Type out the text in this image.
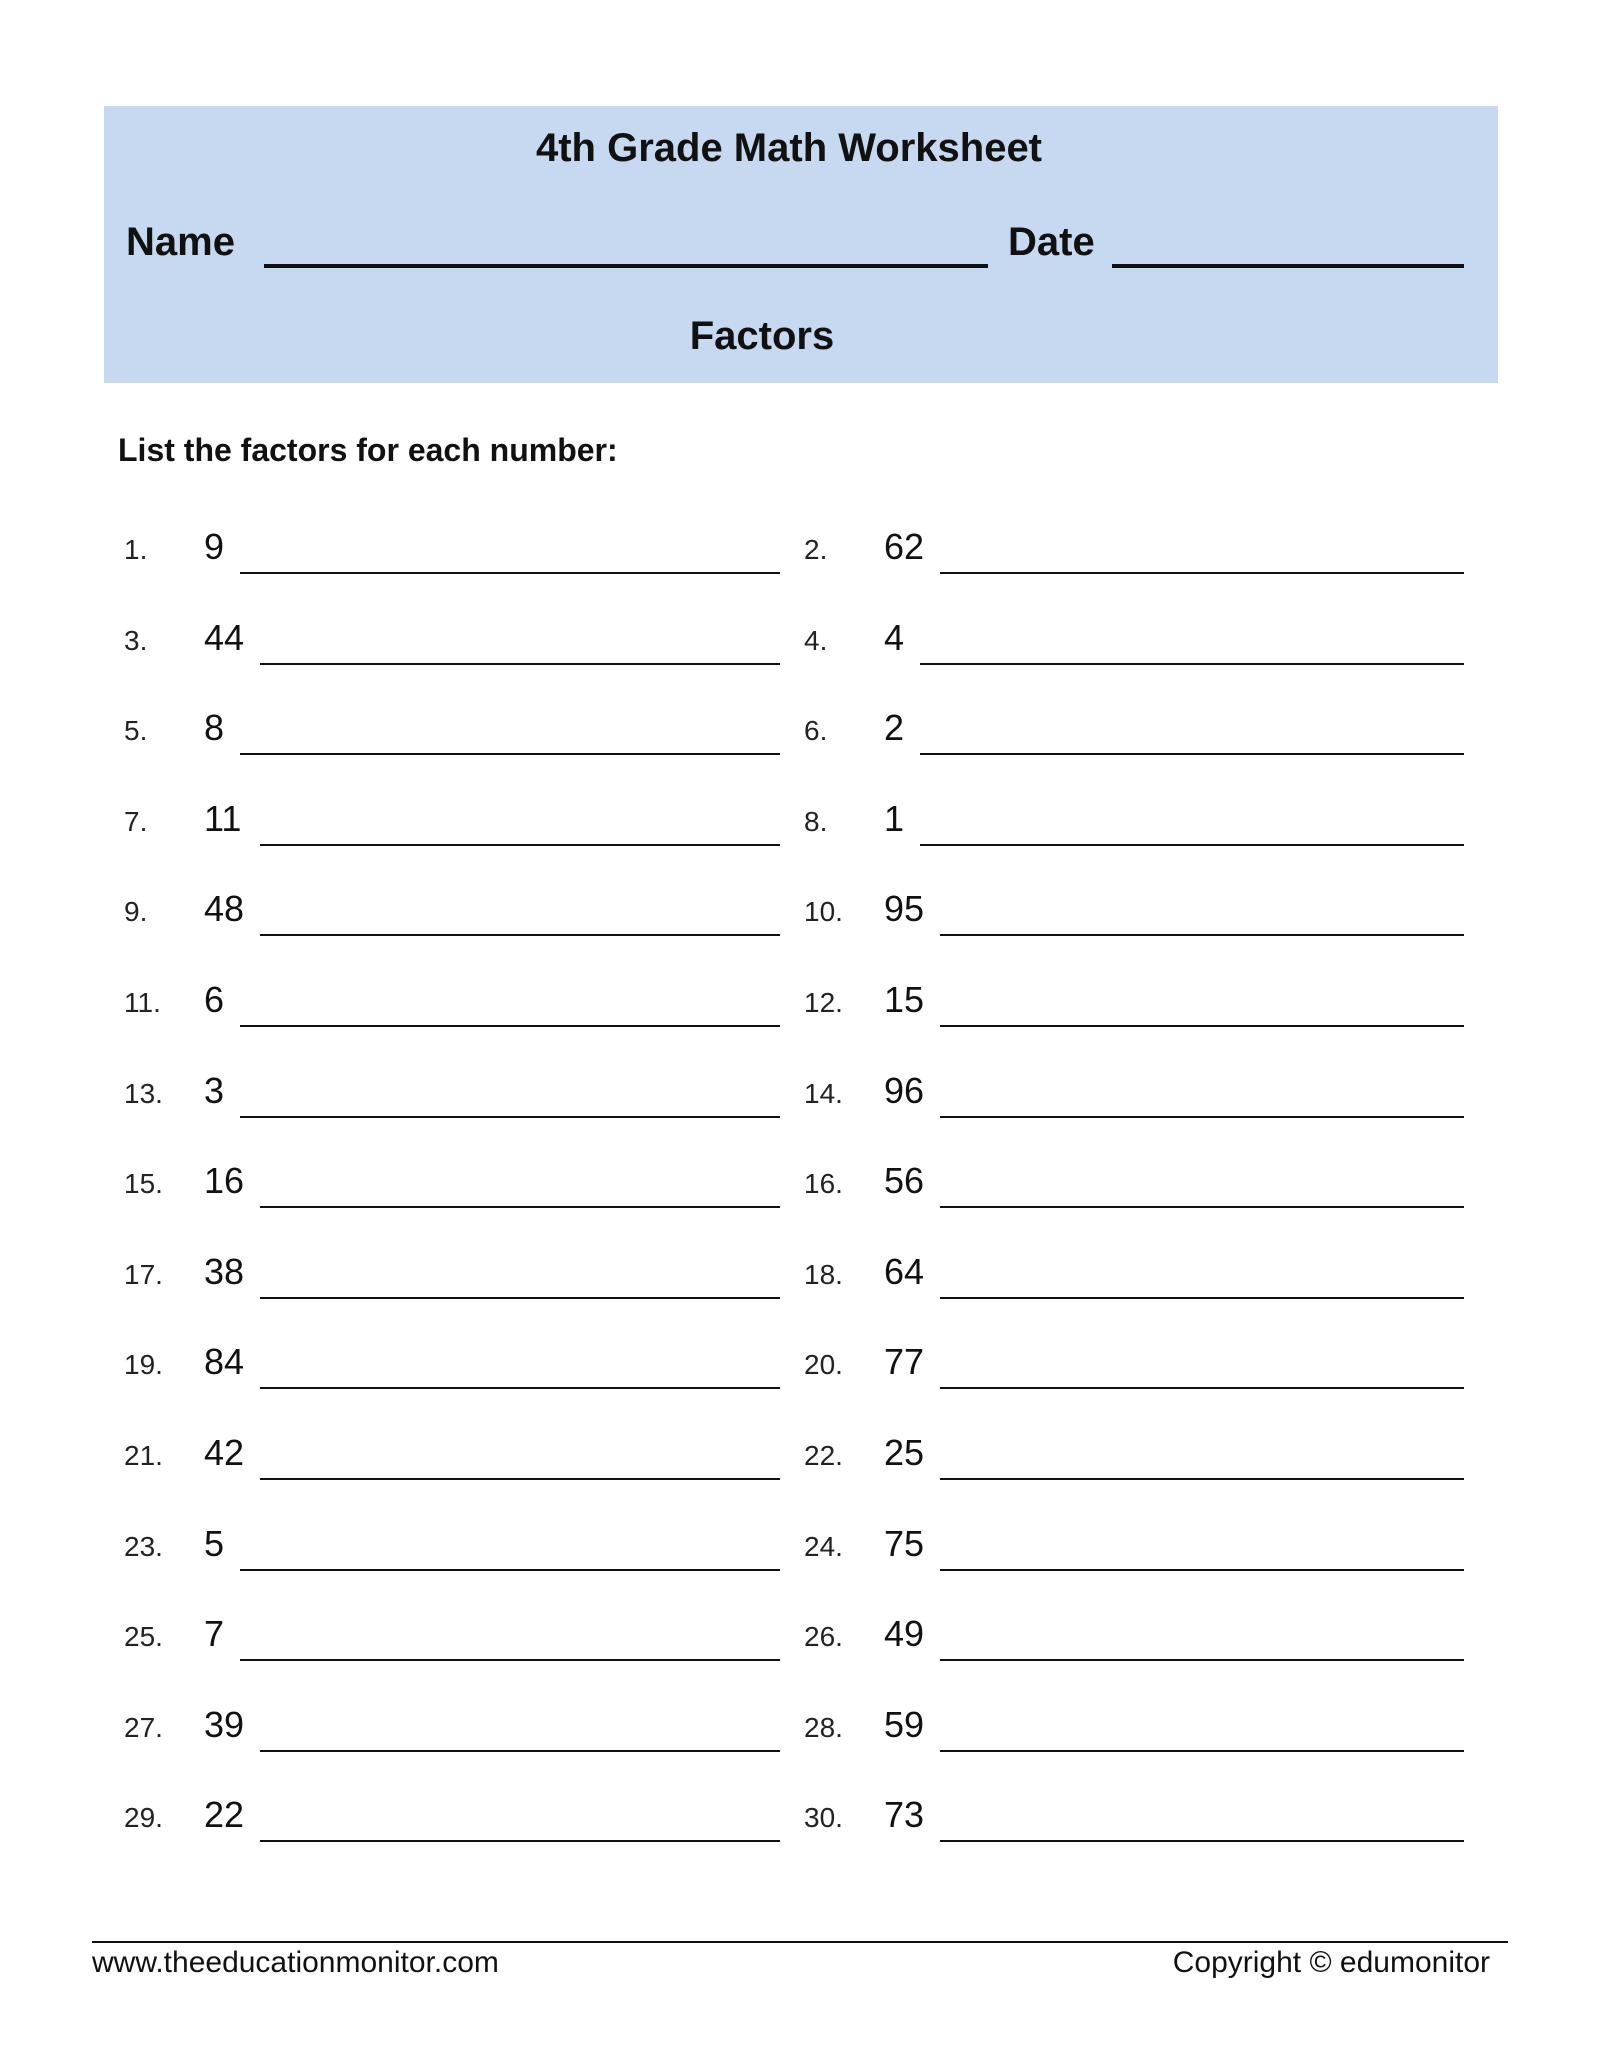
4th Grade Math Worksheet
Name	Date
Factors
List the factors for each number:
1. 9	2. 62
3. 44	4. 4
5. 8	6. 2
7. 11	8. 1
9. 48	10. 95
11. 6	12. 15
13. 3	14. 96
15. 16	16. 56
17. 38	18. 64
19. 84	20. 77
21. 42	22. 25
23. 5	24. 75
25. 7	26. 49
27. 39	28. 59
29. 22	30. 73
www.theeducationmonitor.com	Copyright © edumonitor
